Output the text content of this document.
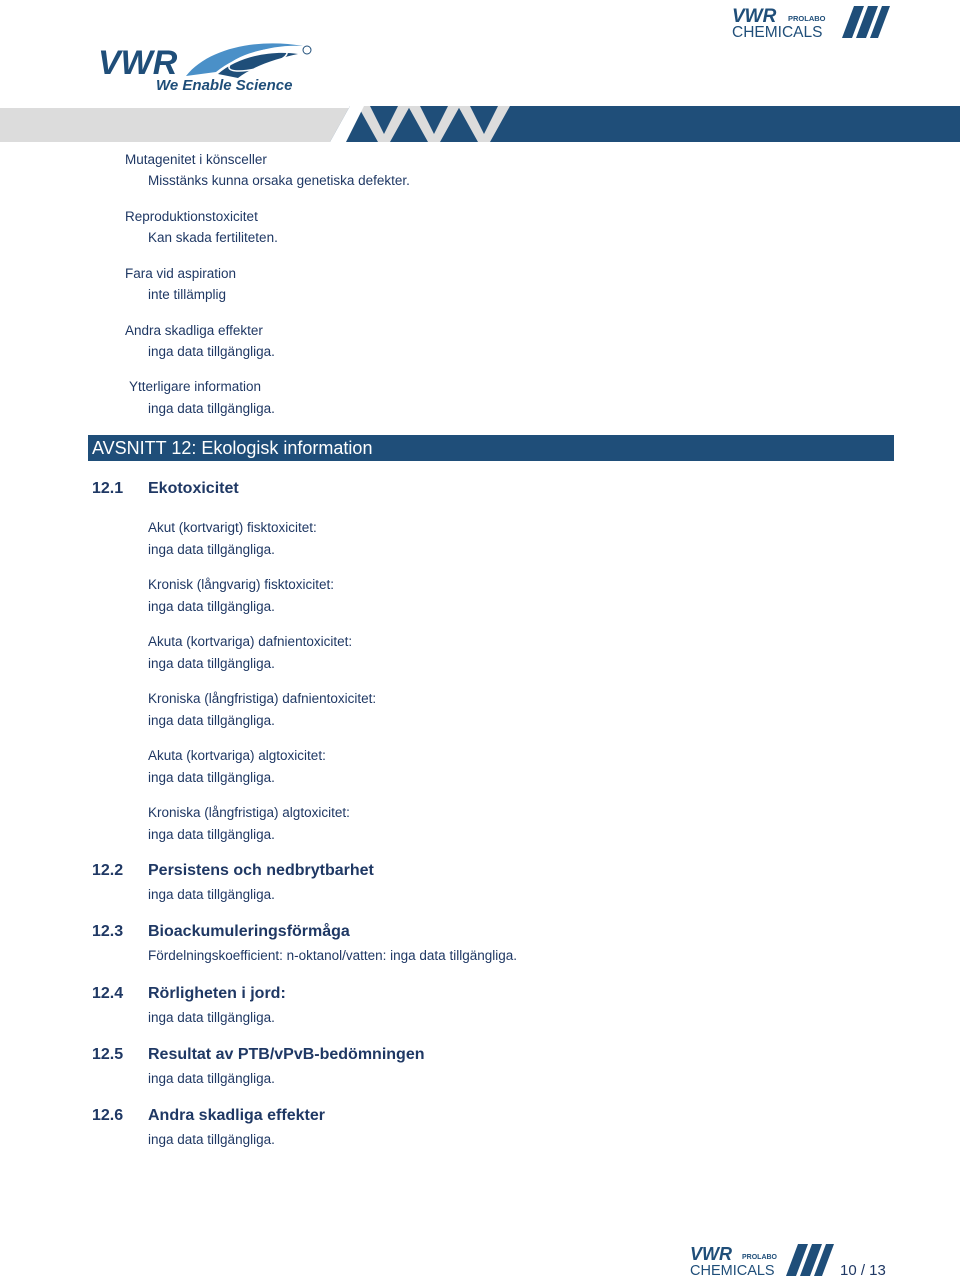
VWR PROLABO
CHEMICALS
VWR
We Enable Science
Mutagenitet i könsceller
Misstänks kunna orsaka genetiska defekter.
Reproduktionstoxicitet
Kan skada fertiliteten.
Fara vid aspiration
inte tillämplig
Andra skadliga effekter
inga data tillgängliga.
Ytterligare information
inga data tillgängliga.
AVSNITT 12: Ekologisk information
12.1 Ekotoxicitet
Akut (kortvarigt) fisktoxicitet:
inga data tillgängliga.
Kronisk (långvarig) fisktoxicitet:
inga data tillgängliga.
Akuta (kortvariga) dafnientoxicitet:
inga data tillgängliga.
Kroniska (långfristiga) dafnientoxicitet:
inga data tillgängliga.
Akuta (kortvariga) algtoxicitet:
inga data tillgängliga.
Kroniska (långfristiga) algtoxicitet:
inga data tillgängliga.
12.2 Persistens och nedbrytbarhet
inga data tillgängliga.
12.3 Bioackumuleringsförmåga
Fördelningskoefficient: n-oktanol/vatten: inga data tillgängliga.
12.4 Rörligheten i jord:
inga data tillgängliga.
12.5 Resultat av PTB/vPvB-bedömningen
inga data tillgängliga.
12.6 Andra skadliga effekter
inga data tillgängliga.
VWR PROLABO
CHEMICALS	10 / 13
